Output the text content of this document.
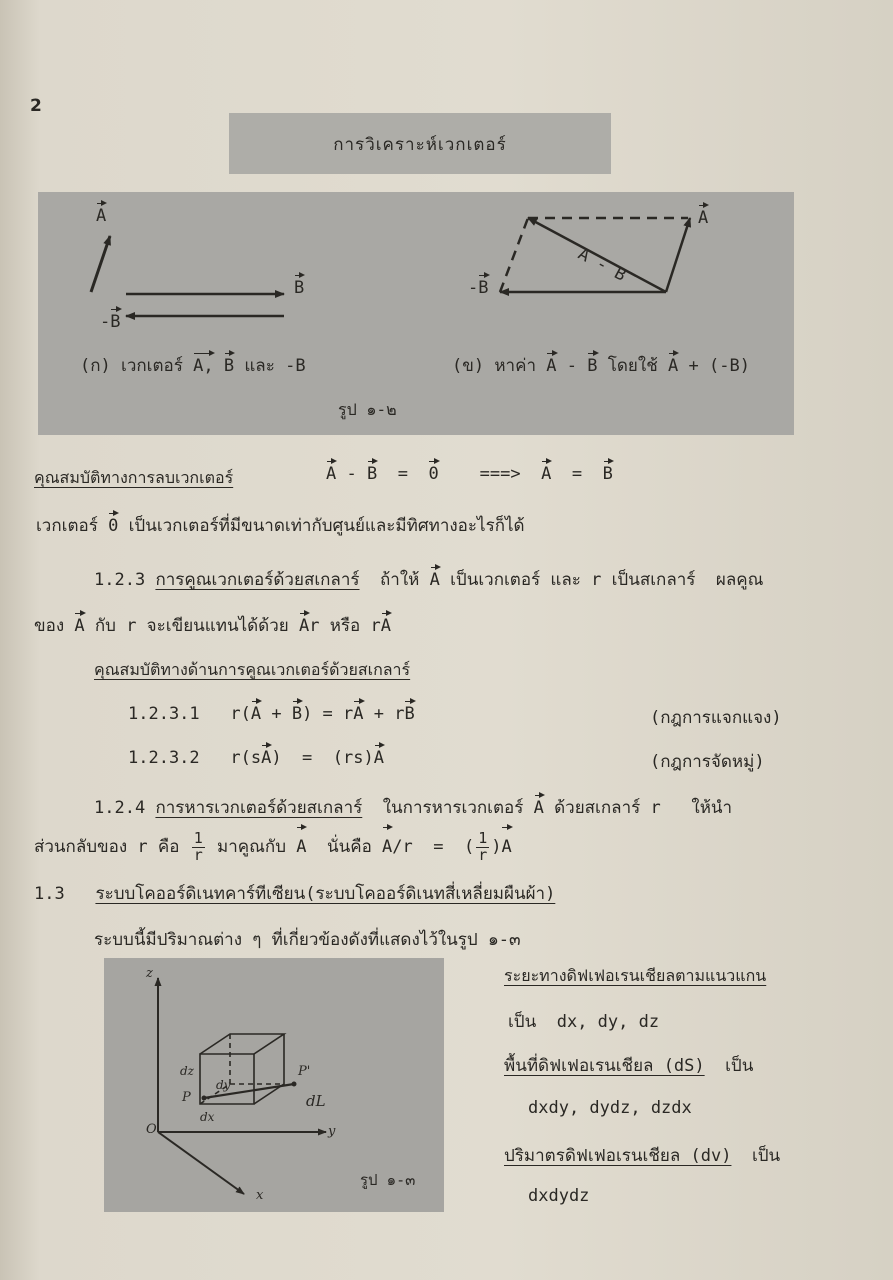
2
การวิเคราะห์เวกเตอร์
A
B
-B
A
-B
A - B
(ก) เวกเตอร์ A, B และ -B	(ข) หาค่า A - B โดยใช้ A + (-B)
รูป ๑-๒
คุณสมบัติทางการลบเวกเตอร์	A - B = 0 ===> A = B
เวกเตอร์ 0 เป็นเวกเตอร์ที่มีขนาดเท่ากับศูนย์และมีทิศทางอะไรก็ได้
1.2.3 การคูณเวกเตอร์ด้วยสเกลาร์ ถ้าให้ A เป็นเวกเตอร์ และ r เป็นสเกลาร์  ผลคูณ
ของ A กับ r จะเขียนแทนได้ด้วย Ar หรือ rA
คุณสมบัติทางด้านการคูณเวกเตอร์ด้วยสเกลาร์
1.2.3.1 r(A + B) = rA + rB	(กฎการแจกแจง)
1.2.3.2 r(sA)  =  (rs)A	(กฎการจัดหมู่)
1.2.4 การหารเวกเตอร์ด้วยสเกลาร์ ในการหารเวกเตอร์ A ด้วยสเกลาร์ r   ให้นำ
ส่วนกลับของ r คือ $\frac{1}{r}$ มาคูณกับ A นั่นคือ A/r  =  ( $\frac{1}{r} )A$
1.3 ระบบโคออร์ดิเนทคาร์ทีเซียน(ระบบโคออร์ดิเนทสี่เหลี่ยมผืนผ้า)
ระบบนี้มีปริมาณต่าง ๆ ที่เกี่ยวข้องดังที่แสดงไว้ในรูป ๑-๓
z
y
x
O
P
P'
dz
dy
dx
dL
รูป ๑-๓
ระยะทางดิฟเฟอเรนเชียลตามแนวแกน
เป็น dx, dy, dz
พื้นที่ดิฟเฟอเรนเชียล (dS) เป็น
dxdy, dydz, dzdx
ปริมาตรดิฟเฟอเรนเชียล (dv) เป็น
dxdydz
